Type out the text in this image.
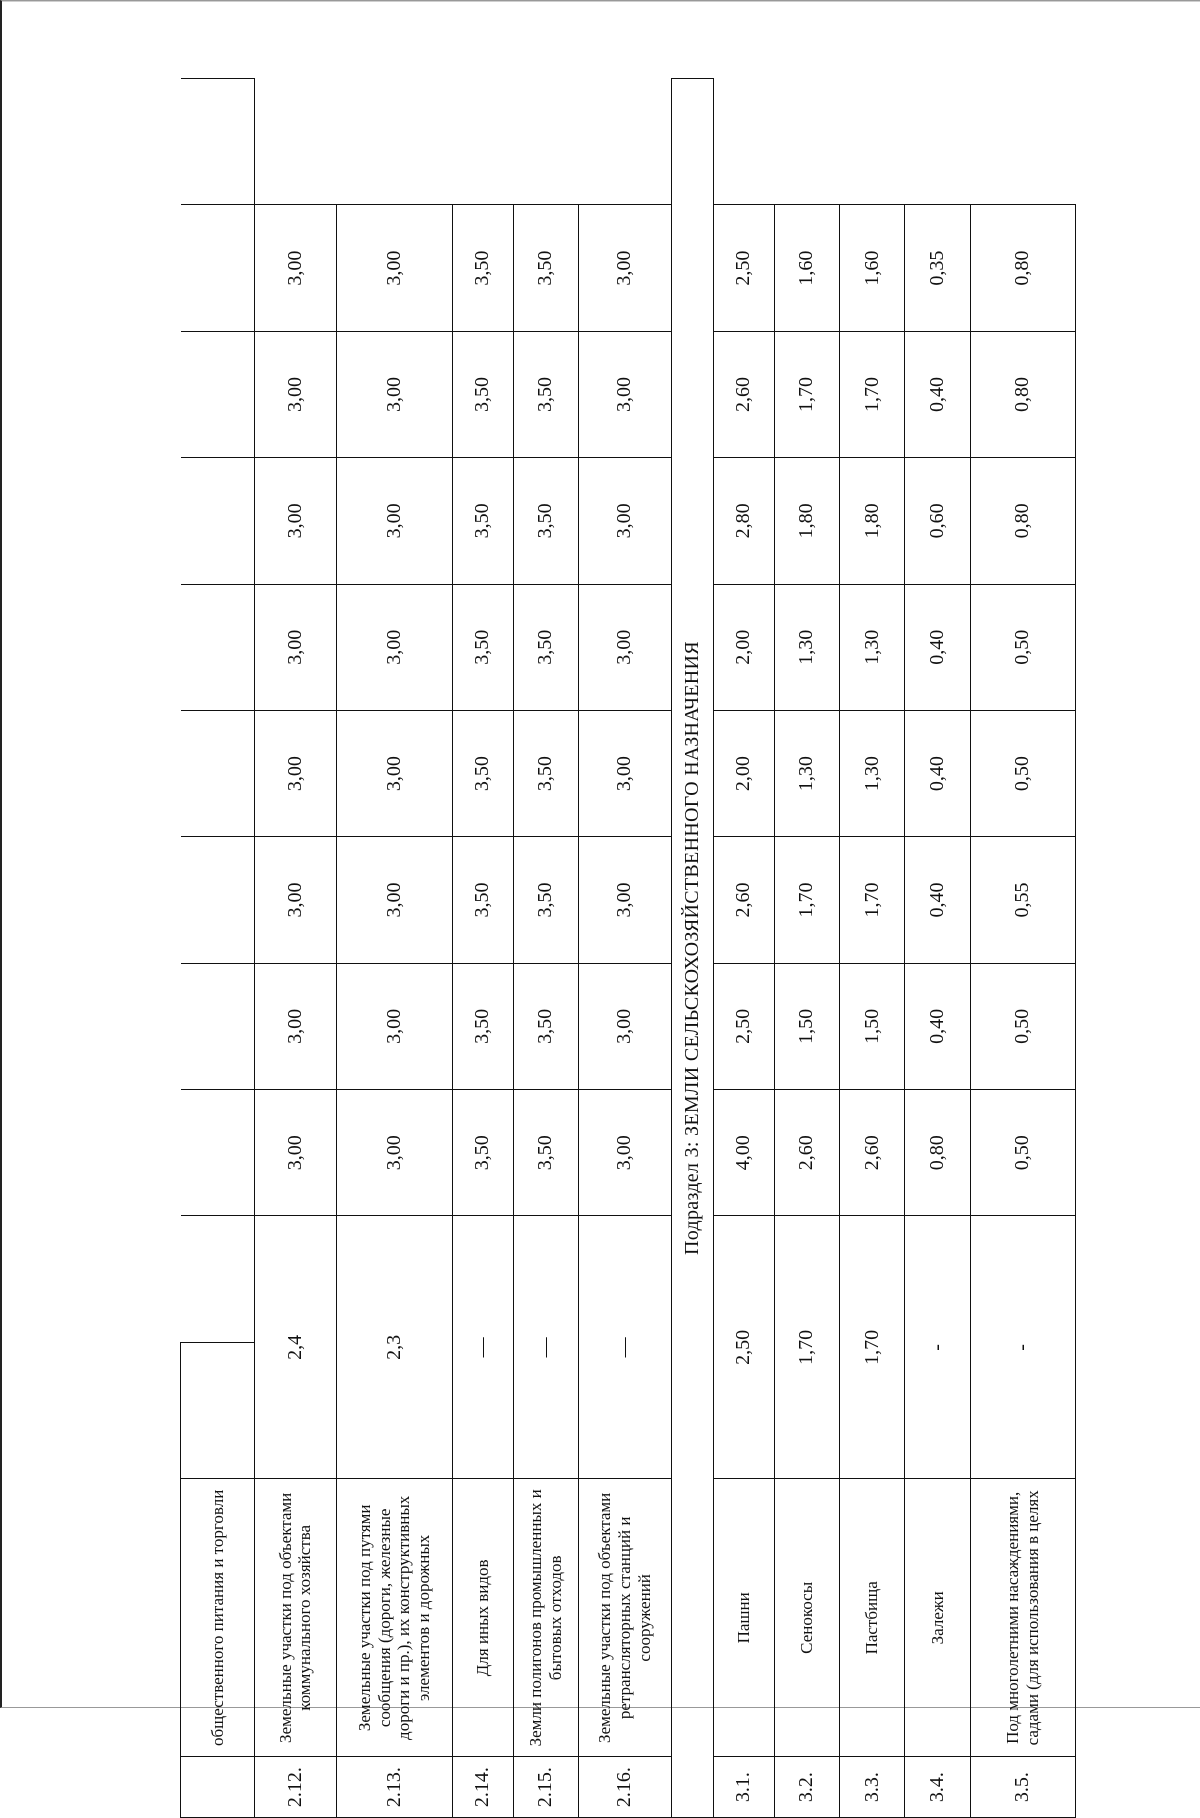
	общественного питания и торговли											
2.12.	Земельные участки под объектами коммунального хозяйства	2,4		3,00	3,00	3,00	3,00	3,00	3,00	3,00	3,00	
2.13.	Земельные участки под путями сообщения (дороги, железные дороги и пр.), их конструктивных элементов и дорожных	2,3		3,00	3,00	3,00	3,00	3,00	3,00	3,00	3,00	
2.14.	Для иных видов	—		3,50	3,50	3,50	3,50	3,50	3,50	3,50	3,50	
2.15.	Земли полигонов промышленных и бытовых отходов	—		3,50	3,50	3,50	3,50	3,50	3,50	3,50	3,50	
2.16.	Земельные участки под объектами ретрансляторных станций и сооружений	—		3,00	3,00	3,00	3,00	3,00	3,00	3,00	3,00	
Подраздел 3: ЗЕМЛИ СЕЛЬСКОХОЗЯЙСТВЕННОГО НАЗНАЧЕНИЯ												
3.1.	Пашни	2,50		4,00	2,50	2,60	2,00	2,00	2,80	2,60	2,50	
3.2.	Сенокосы	1,70		2,60	1,50	1,70	1,30	1,30	1,80	1,70	1,60	
3.3.	Пастбища	1,70		2,60	1,50	1,70	1,30	1,30	1,80	1,70	1,60	
3.4.	Залежи	-		0,80	0,40	0,40	0,40	0,40	0,60	0,40	0,35	
3.5.	Под многолетними насаждениями, садами (для использования в целях	-		0,50	0,50	0,55	0,50	0,50	0,80	0,80	0,80	
